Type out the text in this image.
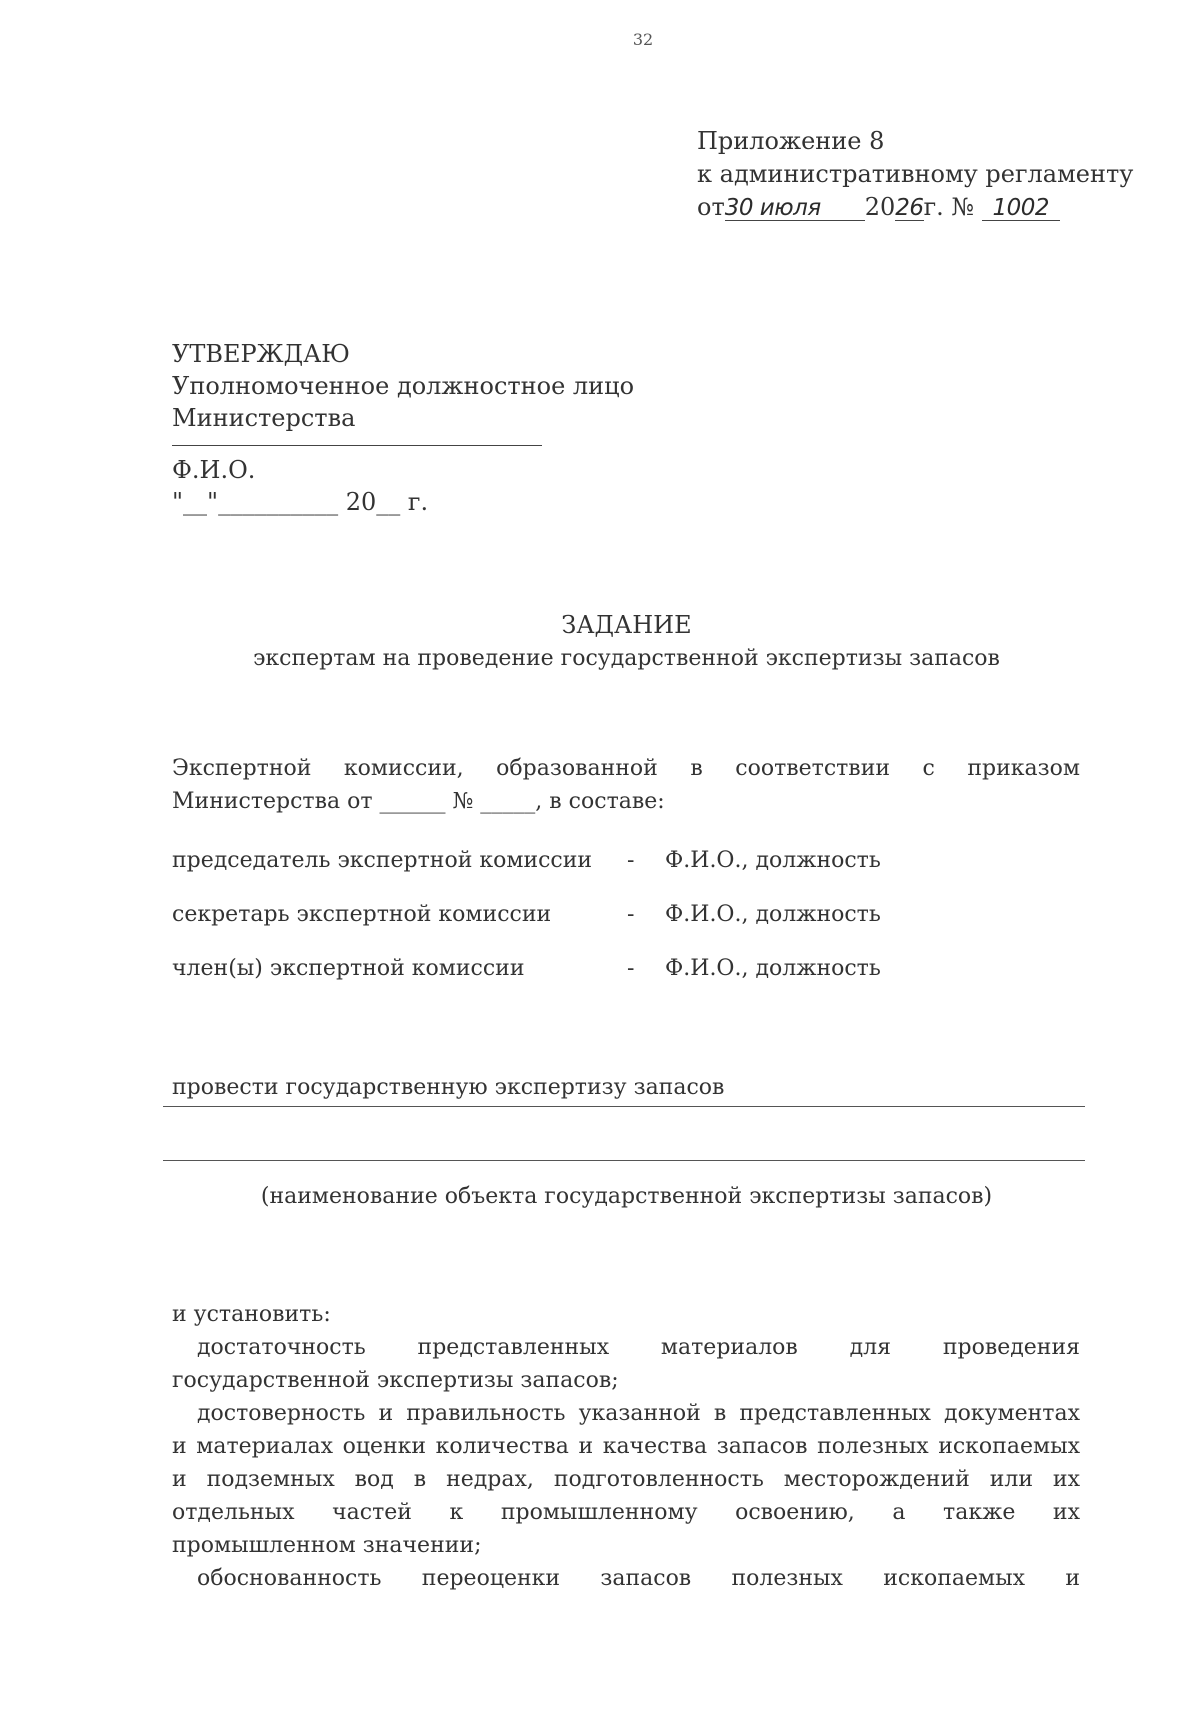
32
Приложение 8
к административному регламенту
от30 июля 2026г. № 1002
УТВЕРЖДАЮ
Уполномоченное должностное лицо
Министерства
Ф.И.О.
"__"__________ 20__ г.
ЗАДАНИЕ
экспертам на проведение государственной экспертизы запасов
Экспертной комиссии, образованной в соответствии с приказом
Министерства от ______ № _____, в составе:
председатель экспертной комиссии - Ф.И.О., должность
секретарь экспертной комиссии	- Ф.И.О., должность
член(ы) экспертной комиссии	- Ф.И.О., должность
провести государственную экспертизу запасов
(наименование объекта государственной экспертизы запасов)
и установить:
достаточность представленных материалов для проведения
государственной экспертизы запасов;
достоверность и правильность указанной в представленных документах
и материалах оценки количества и качества запасов полезных ископаемых
и подземных вод в недрах, подготовленность месторождений или их
отдельных частей к промышленному освоению, а также их
промышленном значении;
обоснованность переоценки запасов полезных ископаемых и
